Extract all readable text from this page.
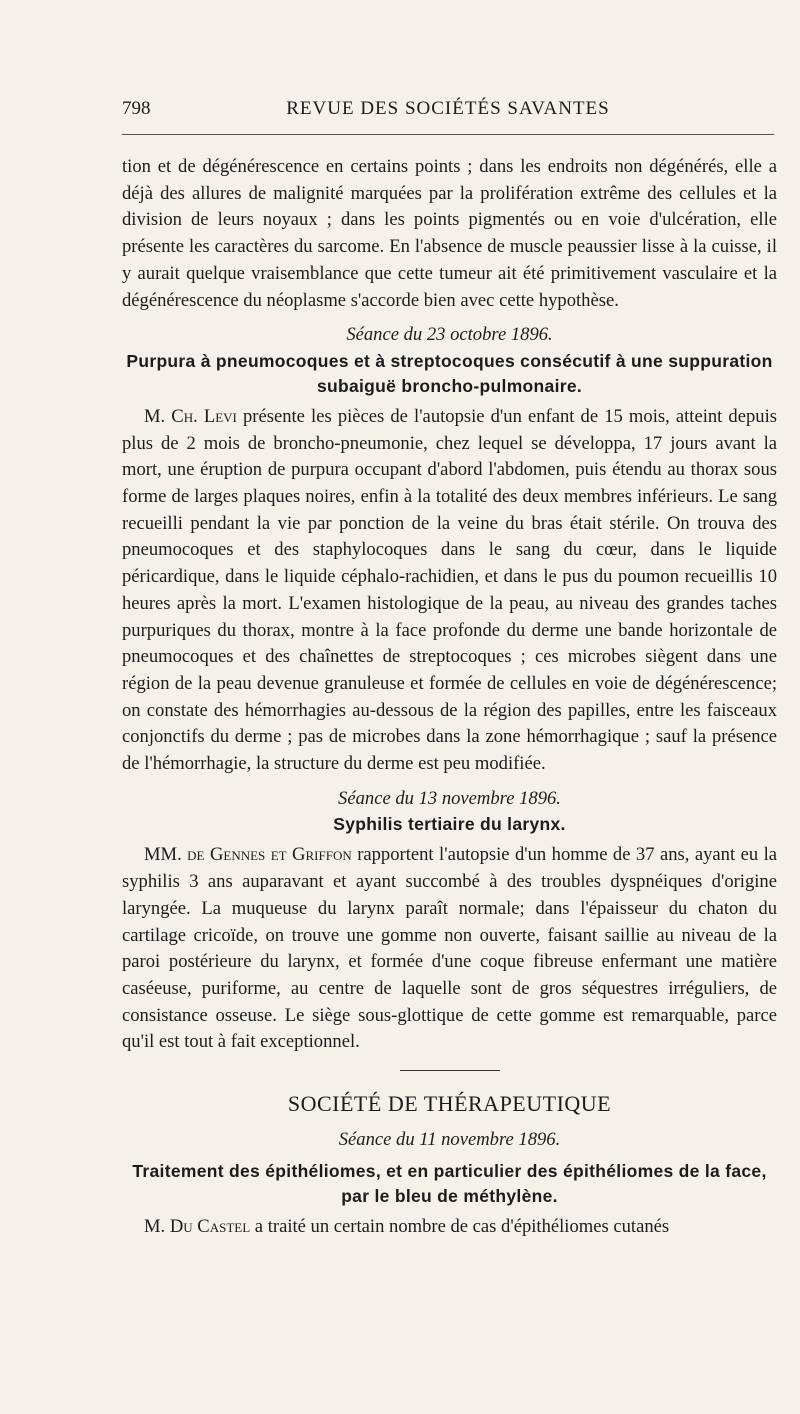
798	REVUE DES SOCIÉTÉS SAVANTES

tion et de dégénérescence en certains points ; dans les endroits non dégénérés, elle a déjà des allures de malignité marquées par la prolifération extrême des cellules et la division de leurs noyaux ; dans les points pigmentés ou en voie d'ulcération, elle présente les caractères du sarcome. En l'absence de muscle peaussier lisse à la cuisse, il y aurait quelque vraisemblance que cette tumeur ait été primitivement vasculaire et la dégénérescence du néoplasme s'accorde bien avec cette hypothèse.

Séance du 23 octobre 1896.

Purpura à pneumocoques et à streptocoques consécutif à une suppuration subaiguë broncho-pulmonaire.

M. Ch. Levi présente les pièces de l'autopsie d'un enfant de 15 mois, atteint depuis plus de 2 mois de broncho-pneumonie, chez lequel se développa, 17 jours avant la mort, une éruption de purpura occupant d'abord l'abdomen, puis étendu au thorax sous forme de larges plaques noires, enfin à la totalité des deux membres inférieurs. Le sang recueilli pendant la vie par ponction de la veine du bras était stérile. On trouva des pneumocoques et des staphylocoques dans le sang du cœur, dans le liquide péricardique, dans le liquide céphalo-rachidien, et dans le pus du poumon recueillis 10 heures après la mort. L'examen histologique de la peau, au niveau des grandes taches purpuriques du thorax, montre à la face profonde du derme une bande horizontale de pneumocoques et des chaînettes de streptocoques ; ces microbes siègent dans une région de la peau devenue granuleuse et formée de cellules en voie de dégénérescence; on constate des hémorrhagies au-dessous de la région des papilles, entre les faisceaux conjonctifs du derme ; pas de microbes dans la zone hémorrhagique ; sauf la présence de l'hémorrhagie, la structure du derme est peu modifiée.

Séance du 13 novembre 1896.

Syphilis tertiaire du larynx.

MM. de Gennes et Griffon rapportent l'autopsie d'un homme de 37 ans, ayant eu la syphilis 3 ans auparavant et ayant succombé à des troubles dyspnéiques d'origine laryngée. La muqueuse du larynx paraît normale; dans l'épaisseur du chaton du cartilage cricoïde, on trouve une gomme non ouverte, faisant saillie au niveau de la paroi postérieure du larynx, et formée d'une coque fibreuse enfermant une matière caséeuse, puriforme, au centre de laquelle sont de gros séquestres irréguliers, de consistance osseuse. Le siège sous-glottique de cette gomme est remarquable, parce qu'il est tout à fait exceptionnel.

SOCIÉTÉ DE THÉRAPEUTIQUE

Séance du 11 novembre 1896.

Traitement des épithéliomes, et en particulier des épithéliomes de la face, par le bleu de méthylène.

M. Du Castel a traité un certain nombre de cas d'épithéliomes cutanés
